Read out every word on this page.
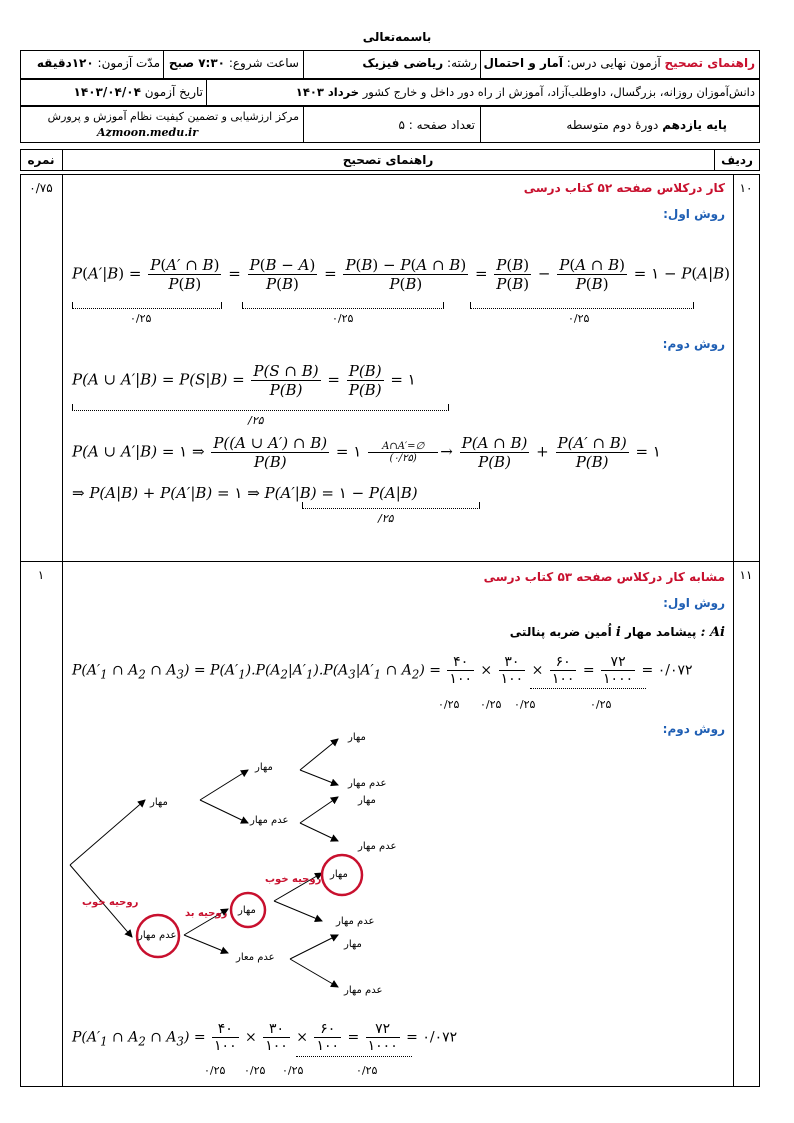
باسمه‌تعالی
راهنمای تصحیح آزمون نهایی درس: آمار و احتمال
رشته: ریاضی فیزیک
ساعت شروع: ۷:۳۰ صبح
مدّت آزمون: ۱۲۰دقیقه
دانش‌آموزان روزانه، بزرگسال، داوطلب‌آزاد، آموزش از راه دور داخل و خارج کشور خرداد ۱۴۰۳
تاریخ آزمون ۱۴۰۳/۰۴/۰۴
پایه یازدهم دورهٔ دوم متوسطه
تعداد صفحه : ۵
مرکز ارزشیابی و تضمین کیفیت نظام آموزش و پرورش
Azmoon.medu.ir
ردیف
راهنمای تصحیح
نمره
۱۰
۰/۷۵	کار درکلاس صفحه ۵۲ کتاب درسی
روش اول:
$P(A'|B) = \frac{P(A' \cap B)}{P(B)} = \frac{P(B - A)}{P(B)} = \frac{P(B) - P(A \cap B)}{P(B)} = \frac{P(B)}{P(B)} - \frac{P(A \cap B)}{P(B)}$ = ۱ − P(A|B)
۰/۲۵	۰/۲۵	۰/۲۵
روش دوم:
P(A ∪ $A'|B) = P(S|B) = \frac{P(S \cap B)}{P(B)} = \frac{P(B)}{P(B)}$ = ۱
/۲۵
P(A ∪ A′|B) = ۱ ⇒ $\frac{P((A \cup A') \cap B)}{P(B)}$ = ۱ $\frac{A\cap A'=\emptyset}{(۰/۲۵)} \to \frac{P(A \cap B)}{P(B)} + \frac{P(A' \cap B)}{P(B)}$ = ۱
⇒ P(A|B) + P(A′|B) = ۱ ⇒ P(A′|B) = ۱ − P(A|B)
/۲۵
۱۱
۱	مشابه کار درکلاس صفحه ۵۳ کتاب درسی
روش اول:
Ai : پیشامد مهار i اُمین ضربه پنالتی
$P(A'_1$ ∩ $A_2$ ∩ $A_3) = P(A'_1).P(A_2|A'_1).P(A_3|A'_1$ ∩ $A_2) = \frac{۴۰}{۱۰۰} \times \frac{۳۰}{۱۰۰} \times \frac{۶۰}{۱۰۰} = \frac{۷۲}{۱۰۰۰}$ = ۰/۰۷۲
۰/۲۵ ۰/۲۵ ۰/۲۵	۰/۲۵
روش دوم:
مهار
مهار
عدم مهار
مهار
عدم مهار
مهار
عدم مهار
روحیه خوب
عدم مهار
روحیه بد مهار
عدم معار
روحیه خوب مهار
عدم مهار
مهار
عدم مهار
$P(A'_1$ ∩ $A_2$ ∩ $A_3) = \frac{۴۰}{۱۰۰} \times \frac{۳۰}{۱۰۰} \times \frac{۶۰}{۱۰۰} = \frac{۷۲}{۱۰۰۰}$ = ۰/۰۷۲
۰/۲۵ ۰/۲۵ ۰/۲۵	۰/۲۵
